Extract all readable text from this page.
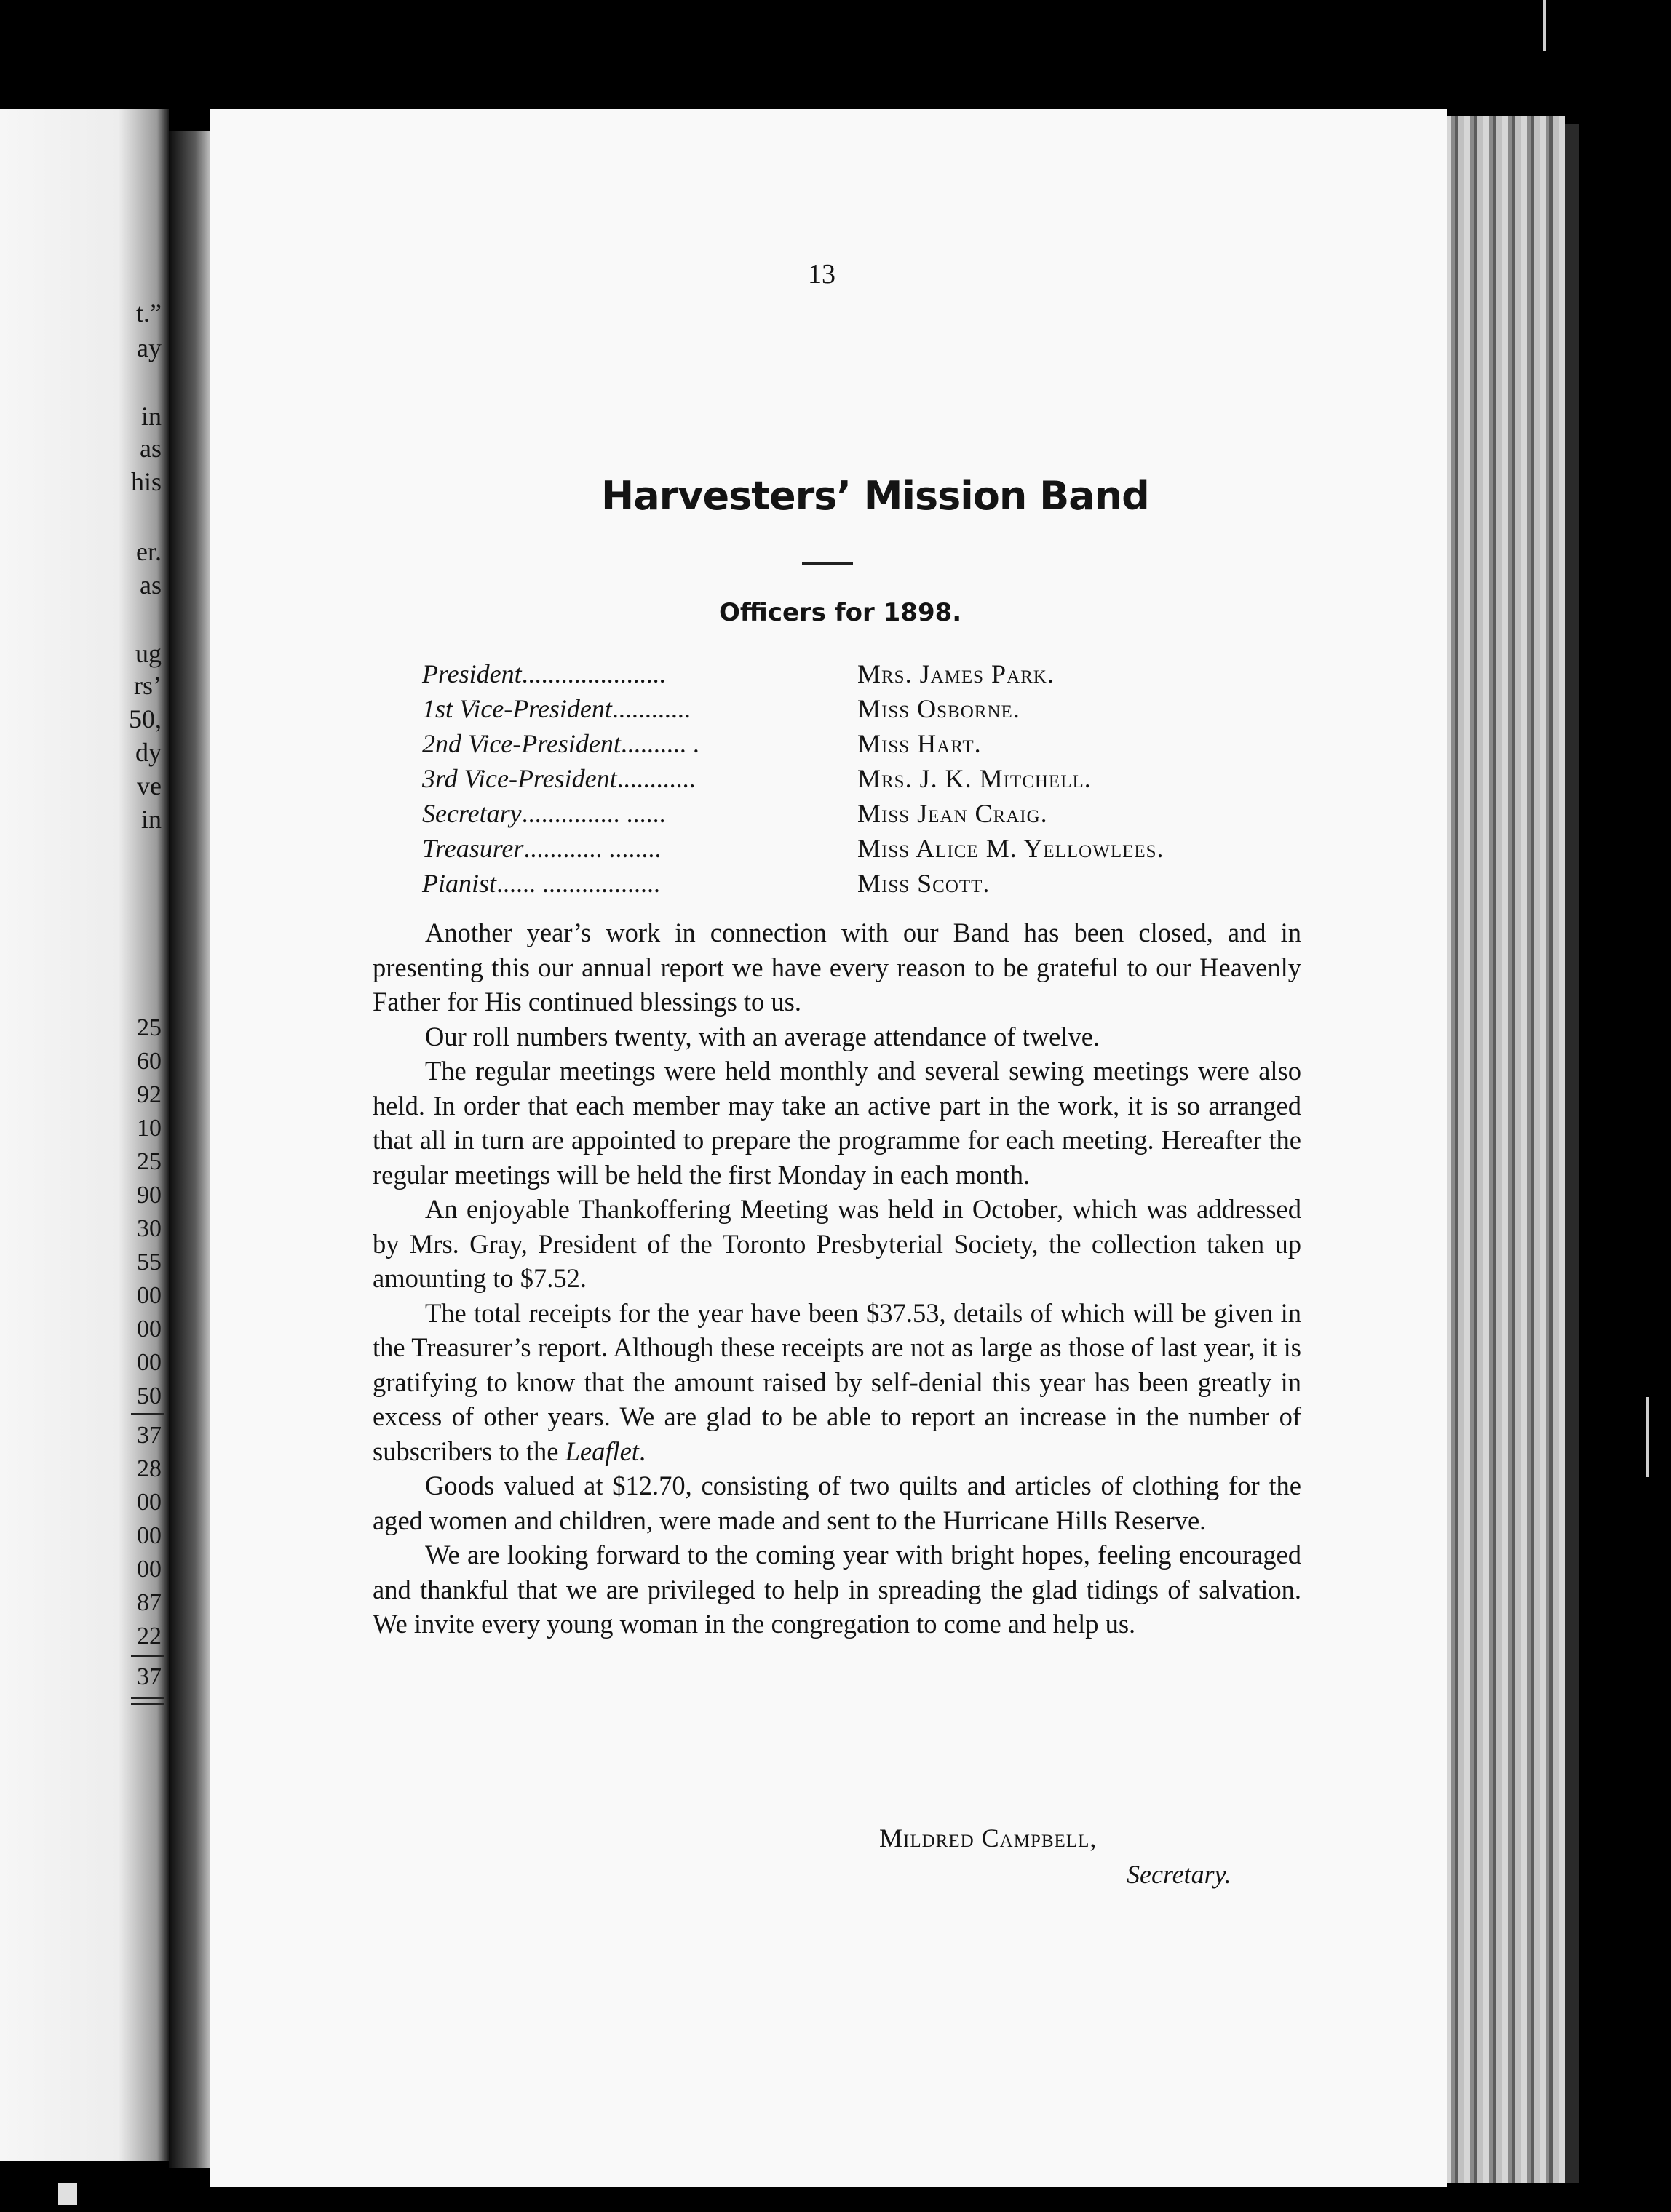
t.”
ay
in
as
his
er.
as
ug
rs’
50,
dy
ve
in
25
60
92
10
25
90
30
55
00
00
00
50
37
28
00
00
00
87
22
37
13
Harvesters’ Mission Band
Officers for 1898.
President......................	Mrs. James Park.
1st Vice-President............	Miss Osborne.
2nd Vice-President.......... .	Miss Hart.
3rd Vice-President............	Mrs. J. K. Mitchell.
Secretary............... ......	Miss Jean Craig.
Treasurer............ ........	Miss Alice M. Yellowlees.
Pianist...... ..................	Miss Scott.

Another year’s work in connection with our Band has been closed, and in presenting this our annual report we have every reason to be grateful to our Heavenly Father for His continued blessings to us.

Our roll numbers twenty, with an average attendance of twelve.

The regular meetings were held monthly and several sewing meetings were also held. In order that each member may take an active part in the work, it is so arranged that all in turn are appointed to prepare the programme for each meeting. Hereafter the regular meetings will be held the first Monday in each month.

An enjoyable Thankoffering Meeting was held in October, which was addressed by Mrs. Gray, President of the Toronto Presbyterial Society, the collection taken up amounting to $7.52.

The total receipts for the year have been $37.53, details of which will be given in the Treasurer’s report. Although these receipts are not as large as those of last year, it is gratifying to know that the amount raised by self-denial this year has been greatly in excess of other years. We are glad to be able to report an increase in the number of subscribers to the Leaflet.

Goods valued at $12.70, consisting of two quilts and articles of clothing for the aged women and children, were made and sent to the Hurricane Hills Reserve.

We are looking forward to the coming year with bright hopes, feeling encouraged and thankful that we are privileged to help in spreading the glad tidings of salvation. We invite every young woman in the congregation to come and help us.

Mildred Campbell,
Secretary.
